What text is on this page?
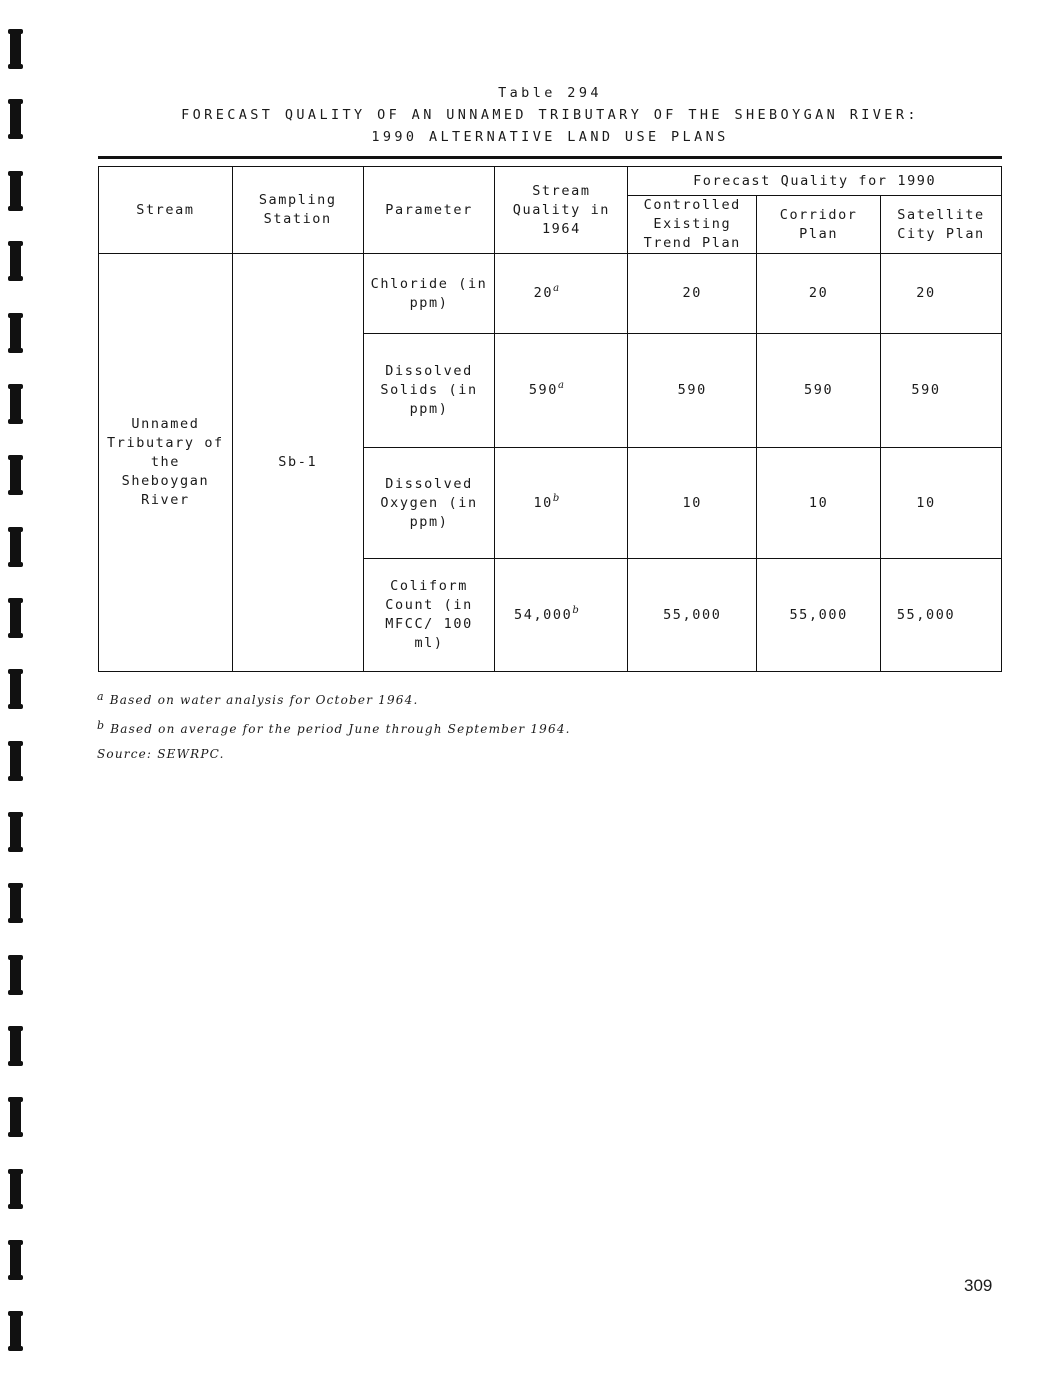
Table 294
FORECAST QUALITY OF AN UNNAMED TRIBUTARY OF THE SHEBOYGAN RIVER:
1990 ALTERNATIVE LAND USE PLANS
Stream	Sampling Station	Parameter	Stream Quality in 1964	Forecast Quality for 1990		
				Controlled Existing Trend Plan	Corridor Plan	Satellite City Plan
Unnamed Tributary of the Sheboygan River	Sb-1	Chloride (in ppm)	20$^a$	20	20	20
		Dissolved Solids (in ppm)	590$^a$	590	590	590
		Dissolved Oxygen (in ppm)	10$^b$	10	10	10
		Coliform Count (in MFCC/ 100 ml)	54,000$^b$	55,000	55,000	55,000
a Based on water analysis for October 1964.
b Based on average for the period June through September 1964.
Source: SEWRPC.
309
